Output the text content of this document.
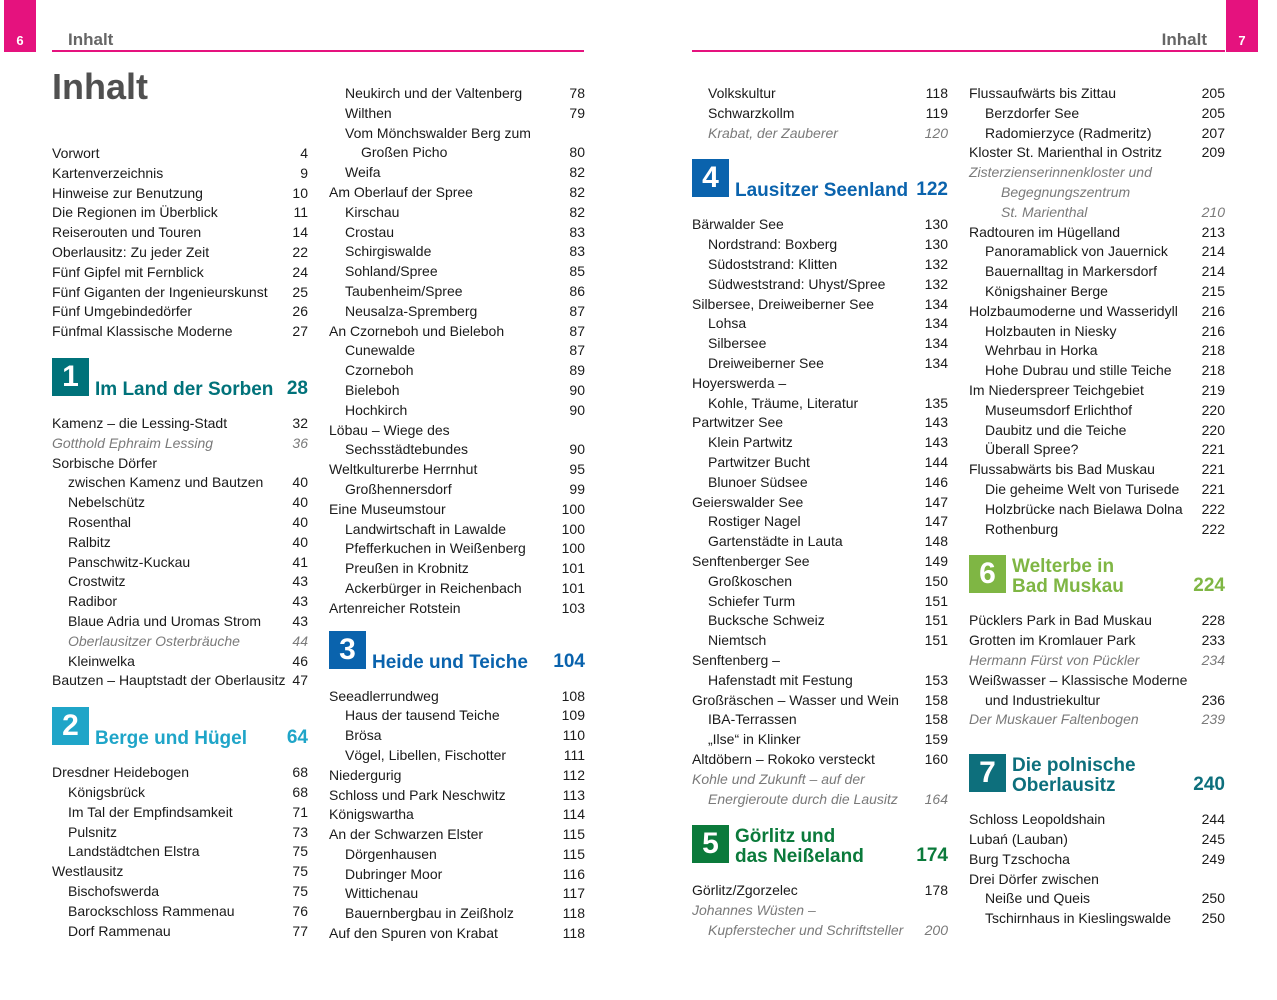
6	7
Inhalt	Inhalt
Inhalt
Vorwort	4
Kartenverzeichnis	9
Hinweise zur Benutzung	10
Die Regionen im Überblick	11
Reiserouten und Touren	14
Oberlausitz: Zu jeder Zeit	22
Fünf Gipfel mit Fernblick	24
Fünf Giganten der Ingenieurskunst 25
Fünf Umgebindedörfer	26
Fünfmal Klassische Moderne	27
1 Im Land der Sorben 28
Kamenz – die Lessing-Stadt	32
Gotthold Ephraim Lessing	36
Sorbische Dörfer
zwischen Kamenz und Bautzen 40
Nebelschütz	40
Rosenthal	40
Ralbitz	40
Panschwitz-Kuckau	41
Crostwitz	43
Radibor	43
Blaue Adria und Uromas Strom 43
Oberlausitzer Osterbräuche	44
Kleinwelka	46
Bautzen – Hauptstadt der Oberlausitz 47
2 Berge und Hügel 64
Dresdner Heidebogen	68
Königsbrück	68
Im Tal der Empfindsamkeit	71
Pulsnitz	73
Landstädtchen Elstra	75
Westlausitz	75
Bischofswerda	75
Barockschloss Rammenau	76
Dorf Rammenau	77
Neukirch und der Valtenberg	78
Wilthen	79
Vom Mönchswalder Berg zum
Großen Picho	80
Weifa	82
Am Oberlauf der Spree	82
Kirschau	82
Crostau	83
Schirgiswalde	83
Sohland/Spree	85
Taubenheim/Spree	86
Neusalza-Spremberg	87
An Czorneboh und Bieleboh	87
Cunewalde	87
Czorneboh	89
Bieleboh	90
Hochkirch	90
Löbau – Wiege des
Sechsstädtebundes	90
Weltkulturerbe Herrnhut	95
Großhennersdorf	99
Eine Museumstour	100
Landwirtschaft in Lawalde	100
Pfefferkuchen in Weißenberg	100
Preußen in Krobnitz	101
Ackerbürger in Reichenbach	101
Artenreicher Rotstein	103
3 Heide und Teiche 104
Seeadlerrundweg	108
Haus der tausend Teiche	109
Brösa	110
Vögel, Libellen, Fischotter	111
Niedergurig	112
Schloss und Park Neschwitz	113
Königswartha	114
An der Schwarzen Elster	115
Dörgenhausen	115
Dubringer Moor	116
Wittichenau	117
Bauernbergbau in Zeißholz	118
Auf den Spuren von Krabat	118
Volkskultur	118
Schwarzkollm	119
Krabat, der Zauberer	120
4 Lausitzer Seenland 122
Bärwalder See	130
Nordstrand: Boxberg	130
Südoststrand: Klitten	132
Südweststrand: Uhyst/Spree	132
Silbersee, Dreiweiberner See	134
Lohsa	134
Silbersee	134
Dreiweiberner See	134
Hoyerswerda –
Kohle, Träume, Literatur	135
Partwitzer See	143
Klein Partwitz	143
Partwitzer Bucht	144
Blunoer Südsee	146
Geierswalder See	147
Rostiger Nagel	147
Gartenstädte in Lauta	148
Senftenberger See	149
Großkoschen	150
Schiefer Turm	151
Bucksche Schweiz	151
Niemtsch	151
Senftenberg –
Hafenstadt mit Festung	153
Großräschen – Wasser und Wein 158
IBA-Terrassen	158
„Ilse“ in Klinker	159
Altdöbern – Rokoko versteckt	160
Kohle und Zukunft – auf der
Energieroute durch die Lausitz 164
5 Görlitz und
das Neißeland	174
Görlitz/Zgorzelec	178
Johannes Wüsten –
Kupferstecher und Schriftsteller 200
Flussaufwärts bis Zittau	205
Berzdorfer See	205
Radomierzyce (Radmeritz)	207
Kloster St. Marienthal in Ostritz	209
Zisterzienserinnenkloster und
Begegnungszentrum
St. Marienthal	210
Radtouren im Hügelland	213
Panoramablick von Jauernick 214
Bauernalltag in Markersdorf	214
Königshainer Berge	215
Holzbaumoderne und Wasseridyll 216
Holzbauten in Niesky	216
Wehrbau in Horka	218
Hohe Dubrau und stille Teiche 218
Im Niederspreer Teichgebiet	219
Museumsdorf Erlichthof	220
Daubitz und die Teiche	220
Überall Spree?	221
Flussabwärts bis Bad Muskau	221
Die geheime Welt von Turisede 221
Holzbrücke nach Bielawa Dolna 222
Rothenburg	222
6 Welterbe in
Bad Muskau	224
Pücklers Park in Bad Muskau	228
Grotten im Kromlauer Park	233
Hermann Fürst von Pückler	234
Weißwasser – Klassische Moderne
und Industriekultur	236
Der Muskauer Faltenbogen	239
7 Die polnische
Oberlausitz	240
Schloss Leopoldshain	244
Lubań (Lauban)	245
Burg Tzschocha	249
Drei Dörfer zwischen
Neiße und Queis	250
Tschirnhaus in Kieslingswalde 250
